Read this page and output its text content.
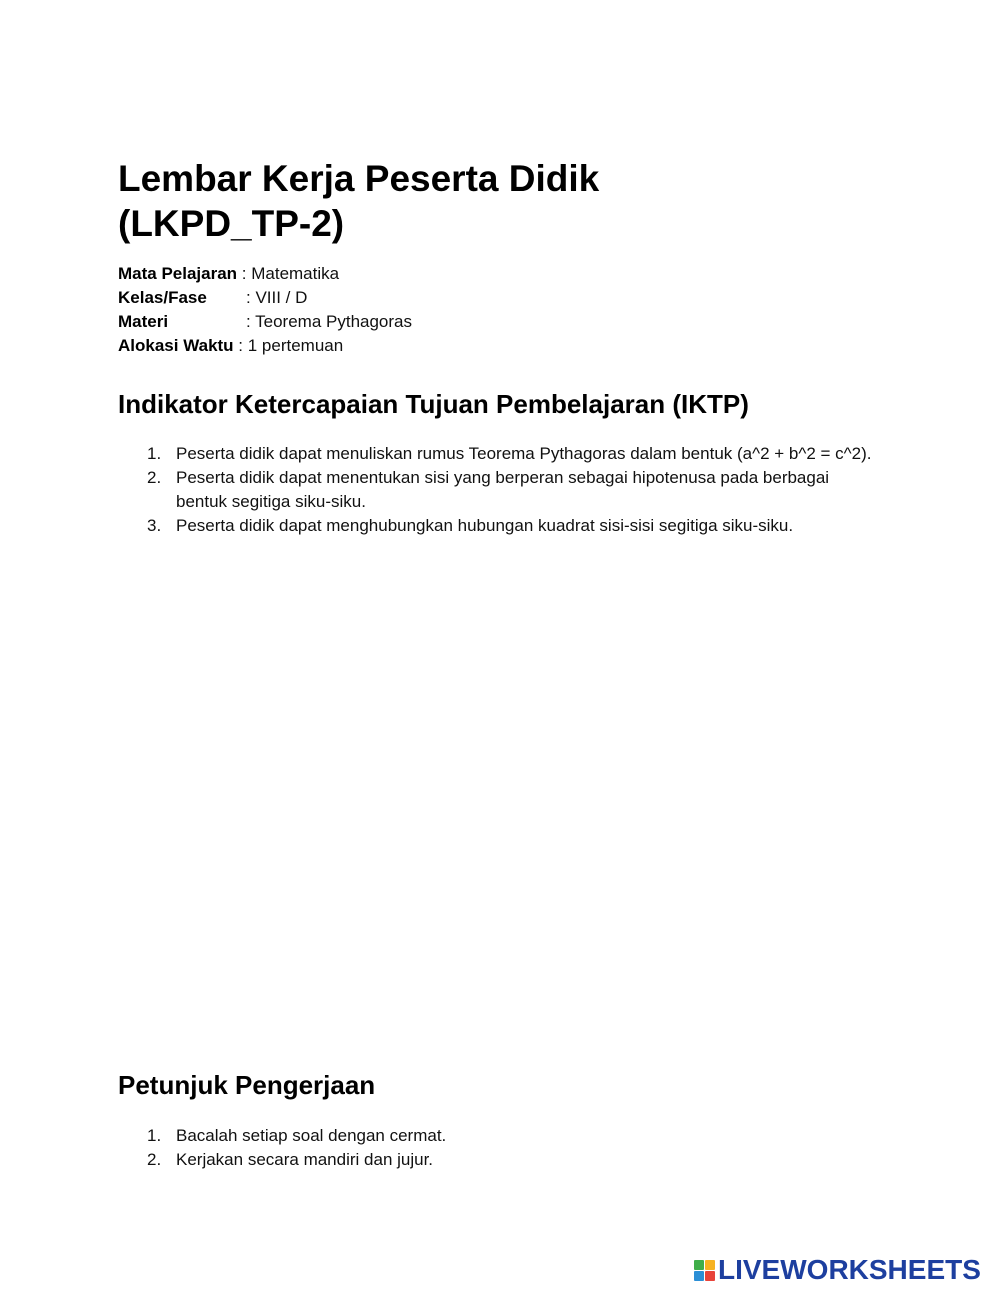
Lembar Kerja Peserta Didik
(LKPD_TP-2)
Mata Pelajaran : Matematika
Kelas/Fase	: VIII / D
Materi	: Teorema Pythagoras
Alokasi Waktu : 1 pertemuan
Indikator Ketercapaian Tujuan Pembelajaran (IKTP)
1. Peserta didik dapat menuliskan rumus Teorema Pythagoras dalam bentuk (a^2 + b^2 = c^2).
2. Peserta didik dapat menentukan sisi yang berperan sebagai hipotenusa pada berbagai bentuk segitiga siku-siku.
3. Peserta didik dapat menghubungkan hubungan kuadrat sisi-sisi segitiga siku-siku.
Petunjuk Pengerjaan
1. Bacalah setiap soal dengan cermat.
2. Kerjakan secara mandiri dan jujur.
LIVEWORKSHEETS
